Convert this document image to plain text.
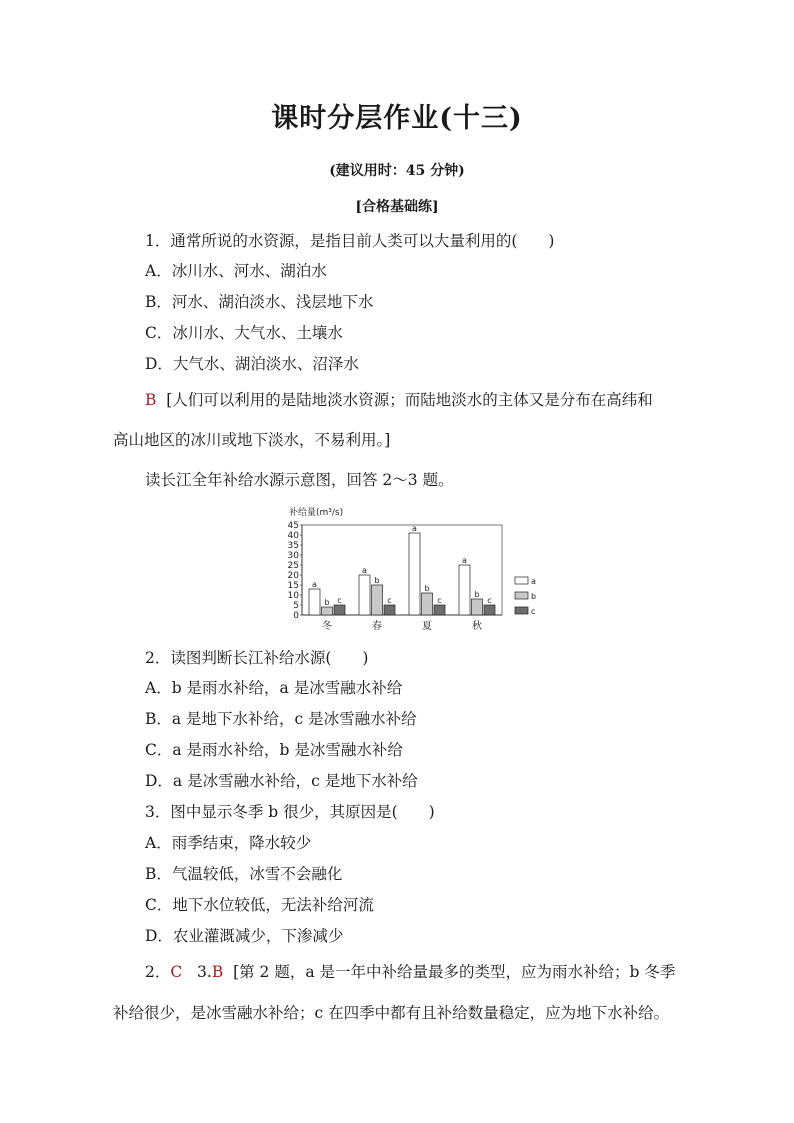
课时分层作业(十三)
(建议用时：45 分钟)
[合格基础练]
1．通常所说的水资源，是指目前人类可以大量利用的(　　)
A．冰川水、河水、湖泊水
B．河水、湖泊淡水、浅层地下水
C．冰川水、大气水、土壤水
D．大气水、湖泊淡水、沼泽水
B [人们可以利用的是陆地淡水资源；而陆地淡水的主体又是分布在高纬和
高山地区的冰川或地下淡水，不易利用。]
读长江全年补给水源示意图，回答 2～3 题。
补给量(m³/s)
0
5
10
15
20
25
30
35
40
45
冬
a
b c
春
a
b
c
夏
a
b
c
秋
a
b
c
a
b
c
2．读图判断长江补给水源(　　)
A．b 是雨水补给，a 是冰雪融水补给
B．a 是地下水补给，c 是冰雪融水补给
C．a 是雨水补给，b 是冰雪融水补给
D．a 是冰雪融水补给，c 是地下水补给
3．图中显示冬季 b 很少，其原因是(　　)
A．雨季结束，降水较少
B．气温较低，冰雪不会融化
C．地下水位较低，无法补给河流
D．农业灌溉减少，下渗减少
2．C 3.B [第 2 题，a 是一年中补给量最多的类型，应为雨水补给；b 冬季
补给很少，是冰雪融水补给；c 在四季中都有且补给数量稳定，应为地下水补给。
